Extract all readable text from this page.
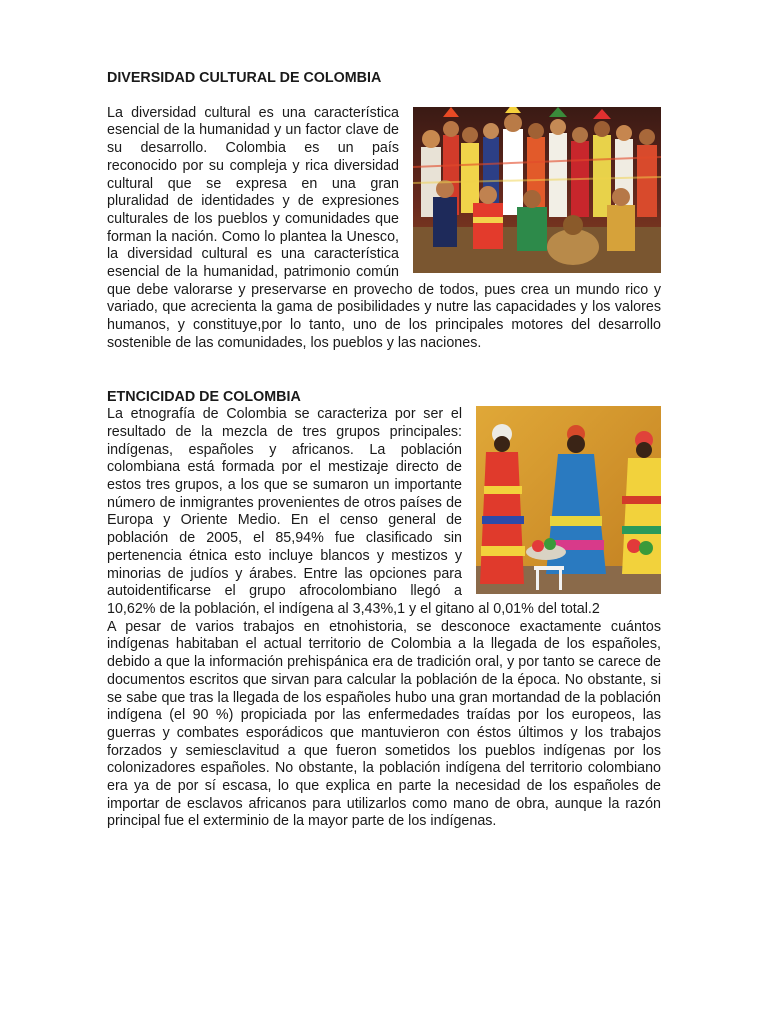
DIVERSIDAD CULTURAL DE COLOMBIA

La diversidad cultural es una característica esencial de la humanidad y un factor clave de su desarrollo. Colombia es un país reconocido por su compleja y rica diversidad cultural que se expresa en una gran pluralidad de identidades y de expresiones culturales de los pueblos y comunidades que forman la nación. Como lo plantea la Unesco, la diversidad cultural es una característica esencial de la humanidad, patrimonio común que debe valorarse y preservarse en provecho de todos, pues crea un mundo rico y variado, que acrecienta la gama de posibilidades y nutre las capacidades y los valores humanos, y constituye,por lo tanto, uno de los principales motores del desarrollo sostenible de las comunidades, los pueblos y las naciones.

ETNCICIDAD DE COLOMBIA

La etnografía de Colombia se caracteriza por ser el resultado de la mezcla de tres grupos principales: indígenas, españoles y africanos. La población colombiana está formada por el mestizaje directo de estos tres grupos, a los que se sumaron un importante número de inmigrantes provenientes de otros países de Europa y Oriente Medio. En el censo general de población de 2005, el 85,94% fue clasificado sin pertenencia étnica esto incluye blancos y mestizos y minorias de judíos y árabes. Entre las opciones para autoidentificarse el grupo afrocolombiano llegó a 10,62% de la población, el indígena al 3,43%,1 y el gitano al 0,01% del total.2

A pesar de varios trabajos en etnohistoria, se desconoce exactamente cuántos indígenas habitaban el actual territorio de Colombia a la llegada de los españoles, debido a que la información prehispánica era de tradición oral, y por tanto se carece de documentos escritos que sirvan para calcular la población de la época. No obstante, si se sabe que tras la llegada de los españoles hubo una gran mortandad de la población indígena (el 90 %) propiciada por las enfermedades traídas por los europeos, las guerras y combates esporádicos que mantuvieron con éstos últimos y los trabajos forzados y semiesclavitud a que fueron sometidos los pueblos indígenas por los colonizadores españoles. No obstante, la población indígena del territorio colombiano era ya de por sí escasa, lo que explica en parte la necesidad de los españoles de importar de esclavos africanos para utilizarlos como mano de obra, aunque la razón principal fue el exterminio de la mayor parte de los indígenas.
